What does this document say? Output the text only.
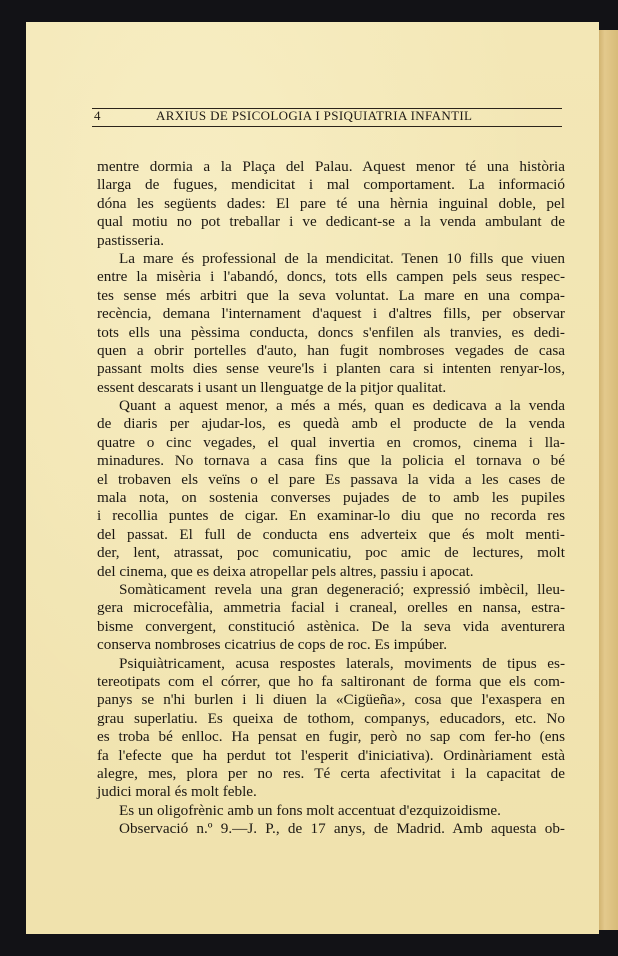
4	ARXIUS DE PSICOLOGIA I PSIQUIATRIA INFANTIL
mentre dormia a la Plaça del Palau. Aquest menor té una història
llarga de fugues, mendicitat i mal comportament. La informació
dóna les següents dades: El pare té una hèrnia inguinal doble, pel
qual motiu no pot treballar i ve dedicant-se a la venda ambulant de
pastisseria.
La mare és professional de la mendicitat. Tenen 10 fills que viuen
entre la misèria i l'abandó, doncs, tots ells campen pels seus respec-
tes sense més arbitri que la seva voluntat. La mare en una compa-
recència, demana l'internament d'aquest i d'altres fills, per observar
tots ells una pèssima conducta, doncs s'enfilen als tranvies, es dedi-
quen a obrir portelles d'auto, han fugit nombroses vegades de casa
passant molts dies sense veure'ls i planten cara si intenten renyar-los,
essent descarats i usant un llenguatge de la pitjor qualitat.
Quant a aquest menor, a més a més, quan es dedicava a la venda
de diaris per ajudar-los, es quedà amb el producte de la venda
quatre o cinc vegades, el qual invertia en cromos, cinema i lla-
minadures. No tornava a casa fins que la policia el tornava o bé
el trobaven els veïns o el pare Es passava la vida a les cases de
mala nota, on sostenia converses pujades de to amb les pupiles
i recollia puntes de cigar. En examinar-lo diu que no recorda res
del passat. El full de conducta ens adverteix que és molt menti-
der, lent, atrassat, poc comunicatiu, poc amic de lectures, molt
del cinema, que es deixa atropellar pels altres, passiu i apocat.
Somàticament revela una gran degeneració; expressió imbècil, lleu-
gera microcefàlia, ammetria facial i craneal, orelles en nansa, estra-
bisme convergent, constitució astènica. De la seva vida aventurera
conserva nombroses cicatrius de cops de roc. Es impúber.
Psiquiàtricament, acusa respostes laterals, moviments de tipus es-
tereotipats com el córrer, que ho fa saltironant de forma que els com-
panys se n'hi burlen i li diuen la «Cigüeña», cosa que l'exaspera en
grau superlatiu. Es queixa de tothom, companys, educadors, etc. No
es troba bé enlloc. Ha pensat en fugir, però no sap com fer-ho (ens
fa l'efecte que ha perdut tot l'esperit d'iniciativa). Ordinàriament està
alegre, mes, plora per no res. Té certa afectivitat i la capacitat de
judici moral és molt feble.
Es un oligofrènic amb un fons molt accentuat d'ezquizoidisme.
Observació n.º 9.—J. P., de 17 anys, de Madrid. Amb aquesta ob-
